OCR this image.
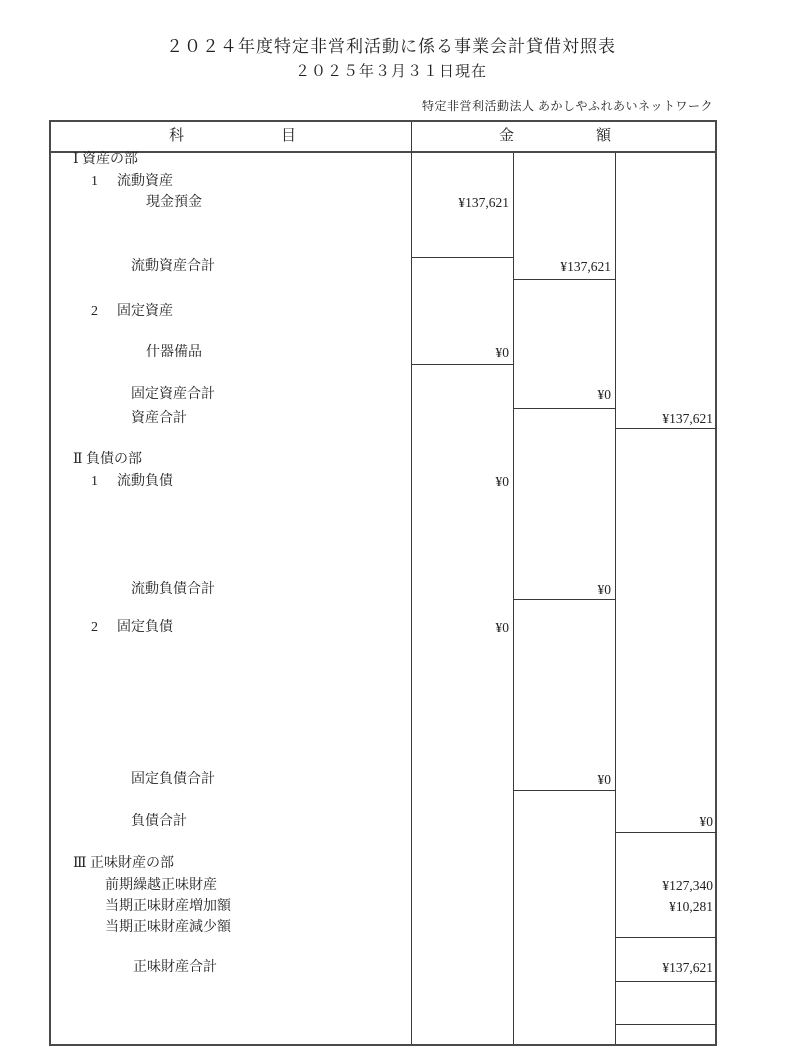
２０２４年度特定非営利活動に係る事業会計貸借対照表
２０２５年３月３１日現在
特定非営利活動法人 あかしやふれあいネットワーク
科	目	金	額
Ⅰ 資産の部
1 流動資産
現金預金	¥137,621
流動資産合計	¥137,621
2 固定資産
什器備品	¥0
固定資産合計	¥0
資産合計	¥137,621
Ⅱ 負債の部
1 流動負債	¥0
流動負債合計	¥0
2 固定負債	¥0
固定負債合計	¥0
負債合計	¥0
Ⅲ 正味財産の部
前期繰越正味財産	¥127,340
当期正味財産増加額	¥10,281
当期正味財産減少額
正味財産合計	¥137,621
